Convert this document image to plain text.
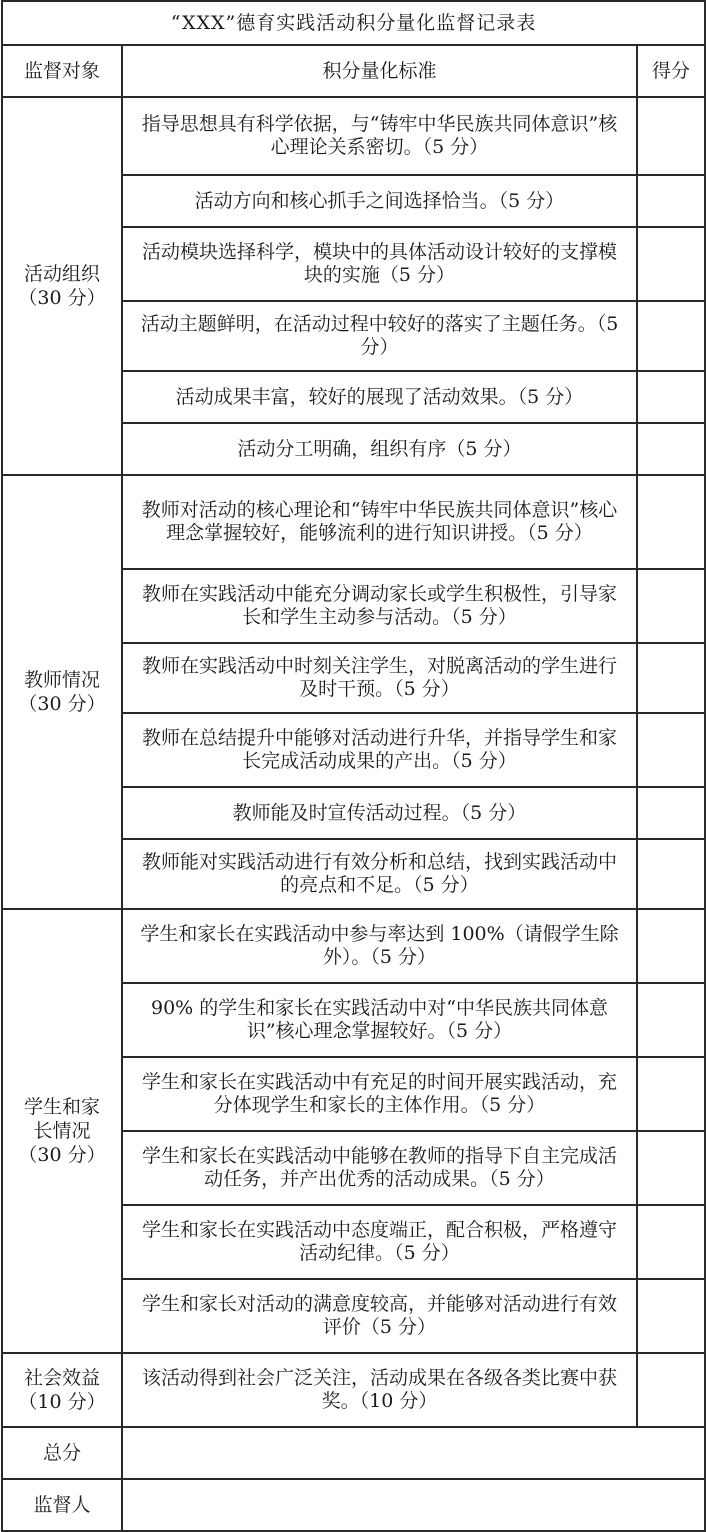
“XXX”德育实践活动积分量化监督记录表		
监督对象	积分量化标准	得分

活动组织
（30 分）	指导思想具有科学依据，与“铸牢中华民族共同体意识”核心理论关系密切。（5 分）	
	活动方向和核心抓手之间选择恰当。（5 分）	
	活动模块选择科学，模块中的具体活动设计较好的支撑模块的实施（5 分）	
	活动主题鲜明，在活动过程中较好的落实了主题任务。（5 分）	
	活动成果丰富，较好的展现了活动效果。（5 分）	
	活动分工明确，组织有序（5 分）	

教师情况
（30 分）	教师对活动的核心理论和“铸牢中华民族共同体意识”核心理念掌握较好，能够流利的进行知识讲授。（5 分）	
	教师在实践活动中能充分调动家长或学生积极性，引导家长和学生主动参与活动。（5 分）	
	教师在实践活动中时刻关注学生，对脱离活动的学生进行及时干预。（5 分）	
	教师在总结提升中能够对活动进行升华，并指导学生和家长完成活动成果的产出。（5 分）	
	教师能及时宣传活动过程。（5 分）	
	教师能对实践活动进行有效分析和总结，找到实践活动中的亮点和不足。（5 分）	

学生和家
长情况
（30 分）	学生和家长在实践活动中参与率达到 100%（请假学生除外）。（5 分）	
	90% 的学生和家长在实践活动中对“中华民族共同体意识”核心理念掌握较好。（5 分）	
	学生和家长在实践活动中有充足的时间开展实践活动，充分体现学生和家长的主体作用。（5 分）	
	学生和家长在实践活动中能够在教师的指导下自主完成活动任务，并产出优秀的活动成果。（5 分）	
	学生和家长在实践活动中态度端正，配合积极，严格遵守活动纪律。（5 分）	
	学生和家长对活动的满意度较高，并能够对活动进行有效评价（5 分）	

社会效益
（10 分）	该活动得到社会广泛关注，活动成果在各级各类比赛中获奖。（10 分）	
总分		
监督人		
